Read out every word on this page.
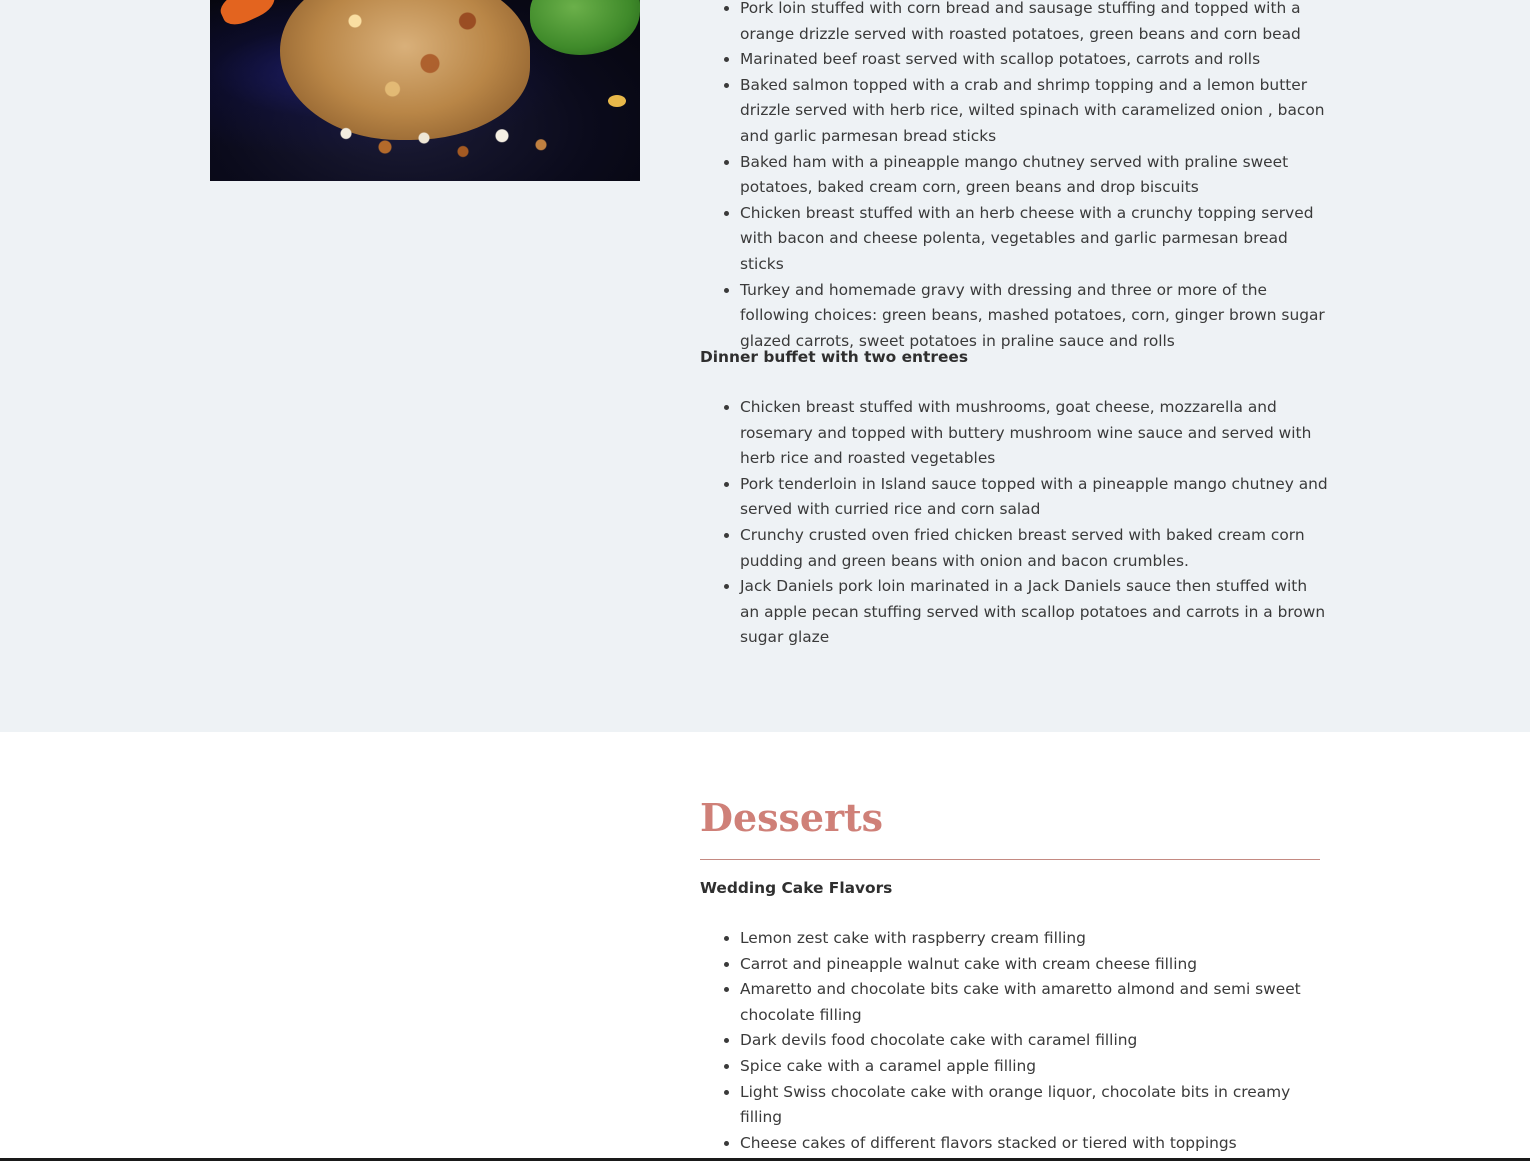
• Pork loin stuffed with corn bread and sausage stuffing and topped with a orange drizzle served with roasted potatoes, green beans and corn bead
• Marinated beef roast served with scallop potatoes, carrots and rolls
• Baked salmon topped with a crab and shrimp topping and a lemon butter drizzle served with herb rice, wilted spinach with caramelized onion , bacon and garlic parmesan bread sticks
• Baked ham with a pineapple mango chutney served with praline sweet potatoes, baked cream corn, green beans and drop biscuits
• Chicken breast stuffed with an herb cheese with a crunchy topping served with bacon and cheese polenta, vegetables and garlic parmesan bread sticks
• Turkey and homemade gravy with dressing and three or more of the following choices: green beans, mashed potatoes, corn, ginger brown sugar glazed carrots, sweet potatoes in praline sauce and rolls
Dinner buffet with two entrees
• Chicken breast stuffed with mushrooms, goat cheese, mozzarella and rosemary and topped with buttery mushroom wine sauce and served with herb rice and roasted vegetables
• Pork tenderloin in Island sauce topped with a pineapple mango chutney and served with curried rice and corn salad
• Crunchy crusted oven fried chicken breast served with baked cream corn pudding and green beans with onion and bacon crumbles.
• Jack Daniels pork loin marinated in a Jack Daniels sauce then stuffed with an apple pecan stuffing served with scallop potatoes and carrots in a brown sugar glaze
Desserts
Wedding Cake Flavors
• Lemon zest cake with raspberry cream filling
• Carrot and pineapple walnut cake with cream cheese filling
• Amaretto and chocolate bits cake with amaretto almond and semi sweet chocolate filling
• Dark devils food chocolate cake with caramel filling
• Spice cake with a caramel apple filling
• Light Swiss chocolate cake with orange liquor, chocolate bits in creamy filling
• Cheese cakes of different flavors stacked or tiered with toppings
